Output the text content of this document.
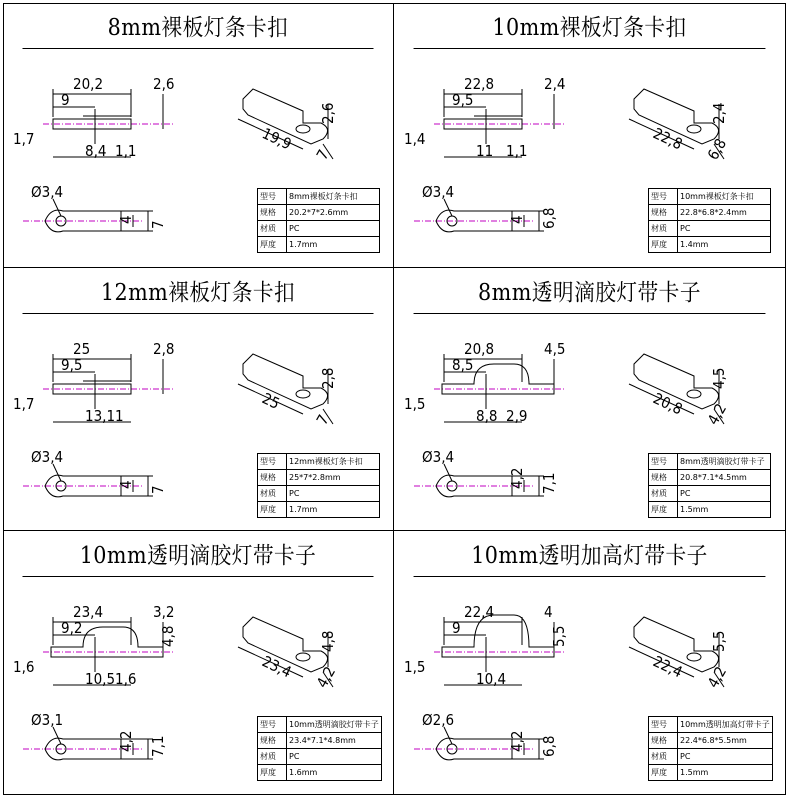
8mm裸板灯条卡扣
20,2
9
2,6
1,7
8,4 1,1
Ø3,4
4
7
19,9
2,6
7
型号	8mm裸板灯条卡扣
规格	20.2*7*2.6mm
材质	PC
厚度	1.7mm
10mm裸板灯条卡扣
22,8
9,5
2,4
1,4
11 1,1
Ø3,4
4 6,8
22,8
2,4
6,8
型号	10mm裸板灯条卡扣
规格	22.8*6.8*2.4mm
材质	PC
厚度	1.4mm
12mm裸板灯条卡扣
25
9,5
2,8
1,7
13,1 1
Ø3,4
4
7
25
2,8
7
型号	12mm裸板灯条卡扣
规格	25*7*2.8mm
材质	PC
厚度	1.7mm
8mm透明滴胶灯带卡子
20,8
8,5
4,5
1,5
8,8 2,9
Ø3,4
4,2 7,1
20,8
4,5
4,2
型号	8mm透明滴胶灯带卡子
规格	20.8*7.1*4.5mm
材质	PC
厚度	1.5mm
10mm透明滴胶灯带卡子
23,4
9,2
3,2
4,8
1,6
10,5 1,6
Ø3,1
4,2 7,1
23,4
4,8
4,2
型号	10mm透明滴胶灯带卡子
规格	23.4*7.1*4.8mm
材质	PC
厚度	1.6mm
10mm透明加高灯带卡子
22,4
9
4
5,5
1,5
10,4
Ø2,6
4,2 6,8
22,4
5,5
4,2
型号	10mm透明加高灯带卡子
规格	22.4*6.8*5.5mm
材质	PC
厚度	1.5mm
